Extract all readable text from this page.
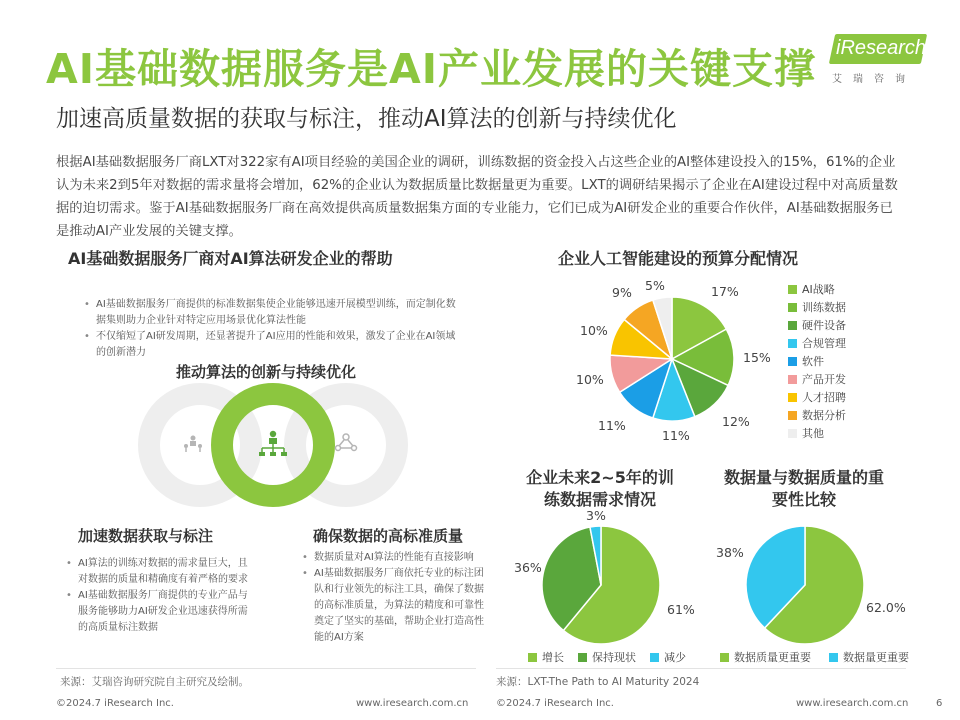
AI基础数据服务是AI产业发展的关键支撑
加速高质量数据的获取与标注，推动AI算法的创新与持续优化
iResearch
艾瑞咨询
根据AI基础数据服务厂商LXT对322家有AI项目经验的美国企业的调研，训练数据的资金投入占这些企业的AI整体建设投入的15%，61%的企业认为未来2到5年对数据的需求量将会增加，62%的企业认为数据质量比数据量更为重要。LXT的调研结果揭示了企业在AI建设过程中对高质量数据的迫切需求。鉴于AI基础数据服务厂商在高效提供高质量数据集方面的专业能力，它们已成为AI研发企业的重要合作伙伴，AI基础数据服务已是推动AI产业发展的关键支撑。
AI基础数据服务厂商对AI算法研发企业的帮助
• AI基础数据服务厂商提供的标准数据集使企业能够迅速开展模型训练，而定制化数据集则助力企业针对特定应用场景优化算法性能
• 不仅缩短了AI研发周期，还显著提升了AI应用的性能和效果，激发了企业在AI领域的创新潜力
推动算法的创新与持续优化
加速数据获取与标注
• AI算法的训练对数据的需求量巨大，且对数据的质量和精确度有着严格的要求
• AI基础数据服务厂商提供的专业产品与服务能够助力AI研发企业迅速获得所需的高质量标注数据
确保数据的高标准质量
• 数据质量对AI算法的性能有直接影响
• AI基础数据服务厂商依托专业的标注团队和行业领先的标注工具，确保了数据的高标准质量，为算法的精度和可靠性奠定了坚实的基础，帮助企业打造高性能的AI方案
来源：艾瑞咨询研究院自主研究及绘制。
企业人工智能建设的预算分配情况
17%
15%
12%
11%
11%
10%
10%
9% 5%	AI战略
训练数据
硬件设备
合规管理
软件
产品开发
人才招聘
数据分析
其他
企业未来2~5年的训练数据需求情况
61%
36%
3%
增长	保持现状	减少
数据量与数据质量的重要性比较
62.0%
38%
数据质量更重要	数据量更重要
来源：LXT-The Path to AI Maturity 2024
©2024.7 iResearch Inc.	www.iresearch.com.cn	©2024.7 iResearch Inc.	www.iresearch.com.cn	6
